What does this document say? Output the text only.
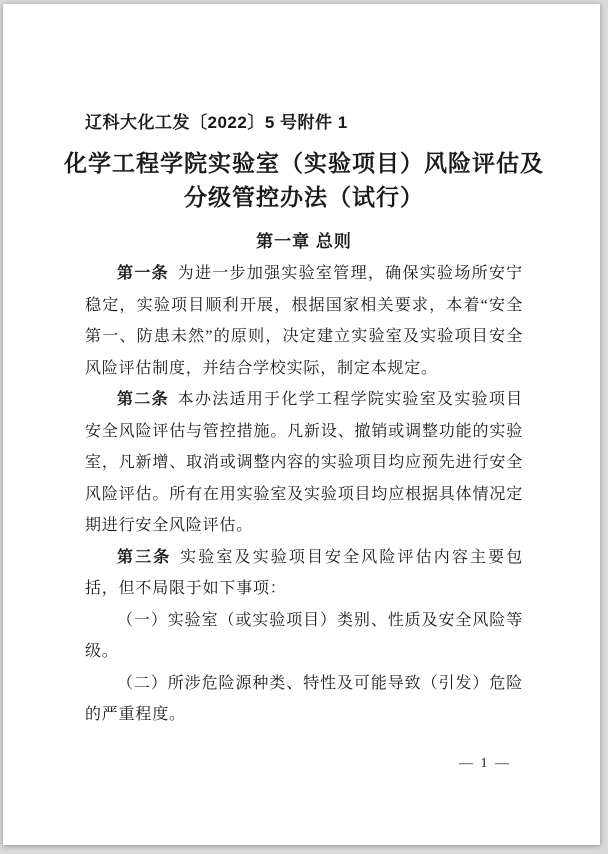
辽科大化工发〔2022〕5 号附件 1
化学工程学院实验室（实验项目）风险评估及
分级管控办法（试行）
第一章 总则

第一条 为进一步加强实验室管理，确保实验场所安宁稳定，实验项目顺利开展，根据国家相关要求，本着“安全第一、防患未然”的原则，决定建立实验室及实验项目安全风险评估制度，并结合学校实际，制定本规定。

第二条 本办法适用于化学工程学院实验室及实验项目安全风险评估与管控措施。凡新设、撤销或调整功能的实验室，凡新增、取消或调整内容的实验项目均应预先进行安全风险评估。所有在用实验室及实验项目均应根据具体情况定期进行安全风险评估。

第三条 实验室及实验项目安全风险评估内容主要包括，但不局限于如下事项：

（一）实验室（或实验项目）类别、性质及安全风险等级。

（二）所涉危险源种类、特性及可能导致（引发）危险的严重程度。

— 1 —
